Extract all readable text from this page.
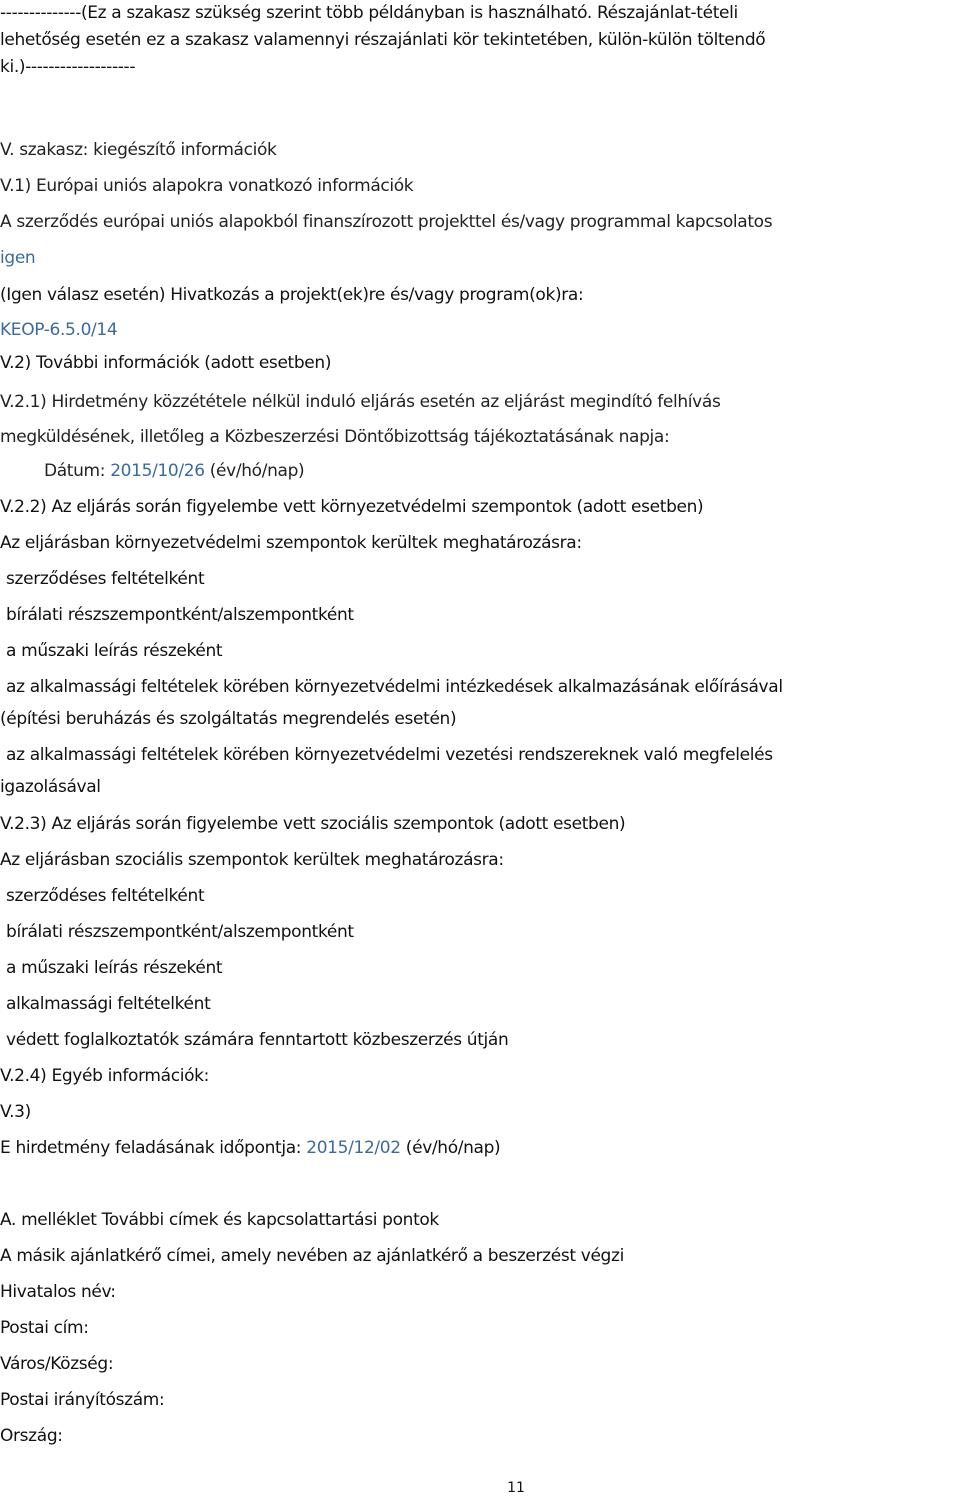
--------------(Ez a szakasz szükség szerint több példányban is használható. Részajánlat-tételi
lehetőség esetén ez a szakasz valamennyi részajánlati kör tekintetében, külön-külön töltendő
ki.)-------------------
V. szakasz: kiegészítő információk
V.1) Európai uniós alapokra vonatkozó információk
A szerződés európai uniós alapokból finanszírozott projekttel és/vagy programmal kapcsolatos
igen
(Igen válasz esetén) Hivatkozás a projekt(ek)re és/vagy program(ok)ra:
KEOP-6.5.0/14
V.2) További információk (adott esetben)
V.2.1) Hirdetmény közzététele nélkül induló eljárás esetén az eljárást megindító felhívás
megküldésének, illetőleg a Közbeszerzési Döntőbizottság tájékoztatásának napja:
Dátum: 2015/10/26 (év/hó/nap)
V.2.2) Az eljárás során figyelembe vett környezetvédelmi szempontok (adott esetben)
Az eljárásban környezetvédelmi szempontok kerültek meghatározásra:
szerződéses feltételként
bírálati részszempontként/alszempontként
a műszaki leírás részeként
az alkalmassági feltételek körében környezetvédelmi intézkedések alkalmazásának előírásával
(építési beruházás és szolgáltatás megrendelés esetén)
az alkalmassági feltételek körében környezetvédelmi vezetési rendszereknek való megfelelés
igazolásával
V.2.3) Az eljárás során figyelembe vett szociális szempontok (adott esetben)
Az eljárásban szociális szempontok kerültek meghatározásra:
szerződéses feltételként
bírálati részszempontként/alszempontként
a műszaki leírás részeként
alkalmassági feltételként
védett foglalkoztatók számára fenntartott közbeszerzés útján
V.2.4) Egyéb információk:
V.3)
E hirdetmény feladásának időpontja: 2015/12/02 (év/hó/nap)
A. melléklet További címek és kapcsolattartási pontok
A másik ajánlatkérő címei, amely nevében az ajánlatkérő a beszerzést végzi
Hivatalos név:
Postai cím:
Város/Község:
Postai irányítószám:
Ország:
11
